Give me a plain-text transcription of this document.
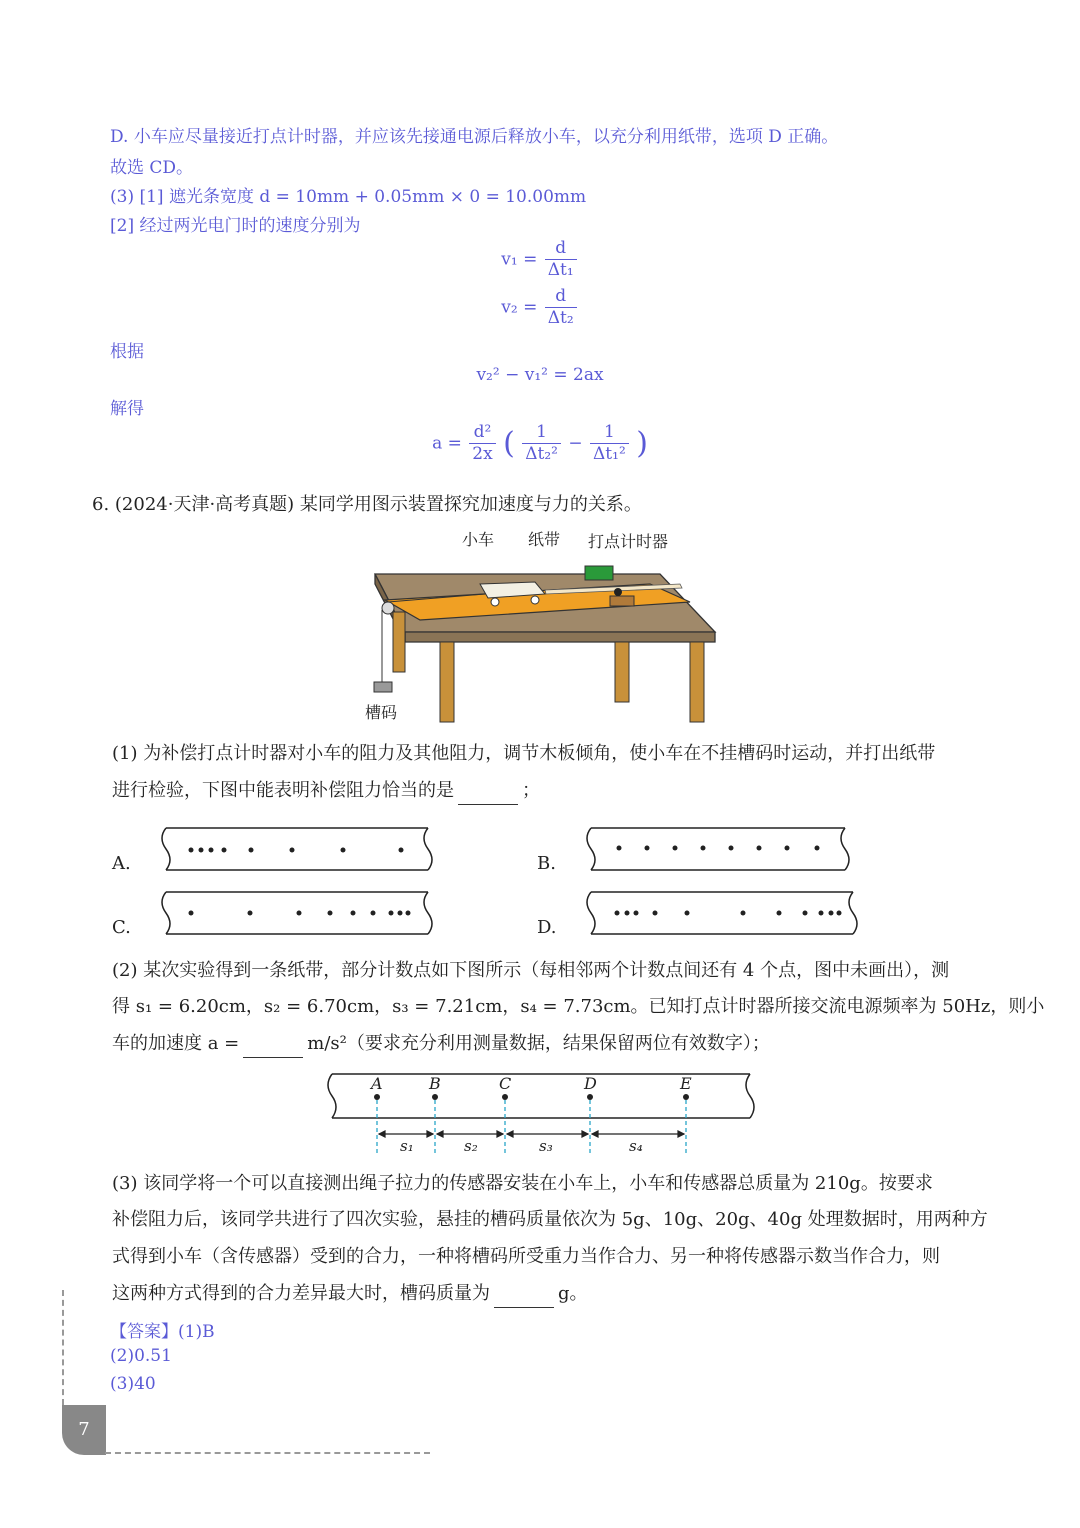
D. 小车应尽量接近打点计时器，并应该先接通电源后释放小车，以充分利用纸带，选项 D 正确。
故选 CD。
(3) [1] 遮光条宽度 d = 10mm + 0.05mm × 0 = 10.00mm
[2] 经过两光电门时的速度分别为
$v_1 = \frac{d}{\text{Δt₁}}$
$v_2 = \frac{d}{\text{Δt₂}}$
根据
v₂² − v₁² = 2ax
解得
$a = \frac{\text{d²}}{2x}$ ( $\frac{1}{\text{Δt₂²}} - \frac{1}{\text{Δt₁²}}$ )
6. (2024·天津·高考真题) 某同学用图示装置探究加速度与力的关系。
小车 纸带 打点计时器
槽码
(1) 为补偿打点计时器对小车的阻力及其他阻力，调节木板倾角，使小车在不挂槽码时运动，并打出纸带
进行检验，下图中能表明补偿阻力恰当的是	；
A.	B.
C.	D.
(2) 某次实验得到一条纸带，部分计数点如下图所示（每相邻两个计数点间还有 4 个点，图中未画出），测
得 s₁ = 6.20cm，s₂ = 6.70cm，s₃ = 7.21cm，s₄ = 7.73cm。已知打点计时器所接交流电源频率为 50Hz，则小
车的加速度 a =	m/s²（要求充分利用测量数据，结果保留两位有效数字）；
A	B	C	D	E
s₁	s₂	s₃	s₄
(3) 该同学将一个可以直接测出绳子拉力的传感器安装在小车上，小车和传感器总质量为 210g。按要求
补偿阻力后，该同学共进行了四次实验，悬挂的槽码质量依次为 5g、10g、20g、40g 处理数据时，用两种方
式得到小车（含传感器）受到的合力，一种将槽码所受重力当作合力、另一种将传感器示数当作合力，则
这两种方式得到的合力差异最大时，槽码质量为	g。
【答案】(1)B
(2)0.51
(3)40
7
